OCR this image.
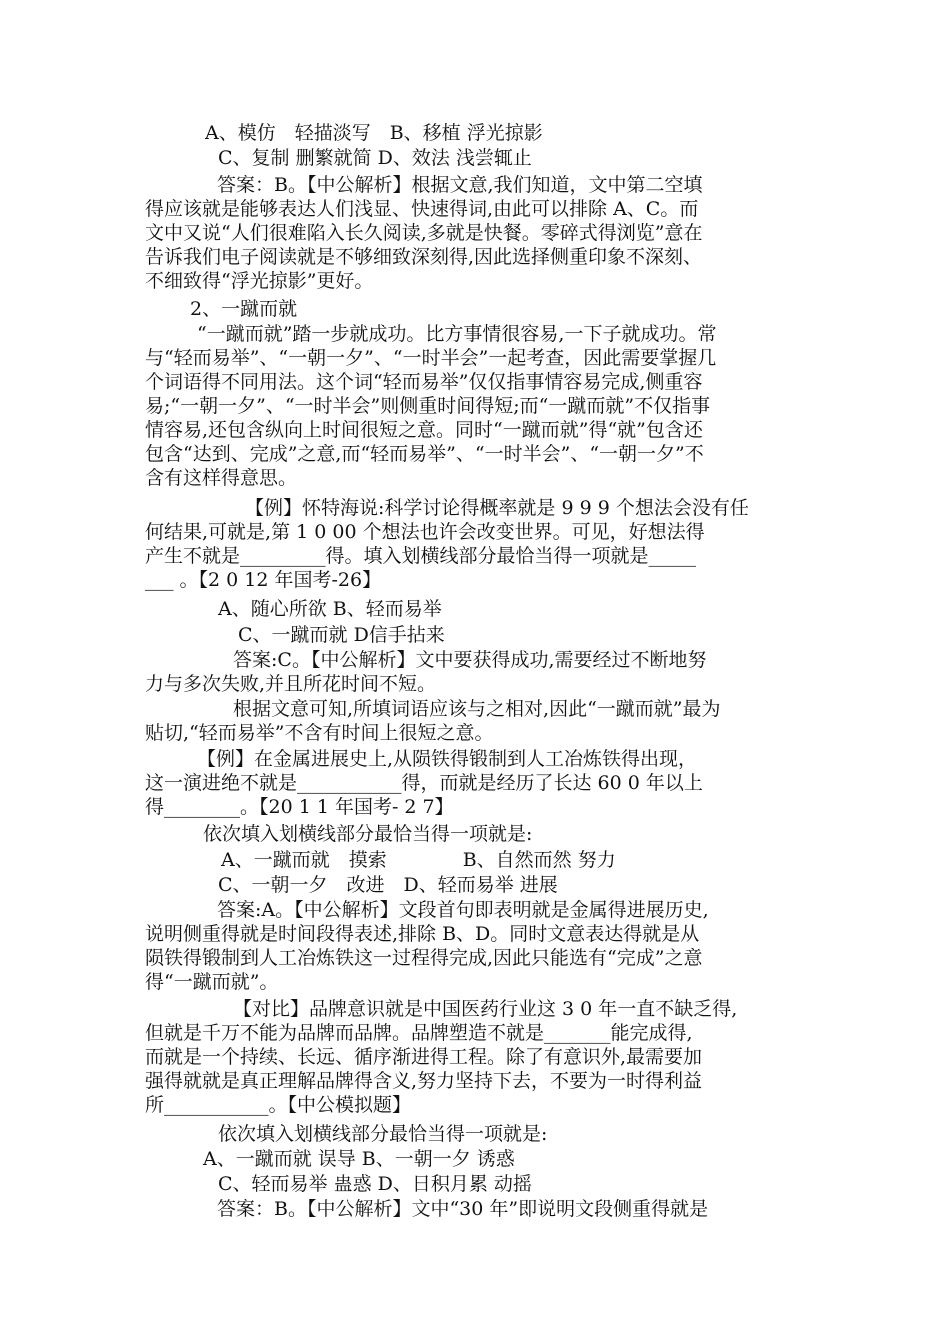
A、模仿　轻描淡写　B、移植 浮光掠影
C、复制 删繁就简 D、效法 浅尝辄止

答案：B。【中公解析】根据文意,我们知道，文中第二空填

得应该就是能够表达人们浅显、快速得词,由此可以排除 A、C。而

文中又说“人们很难陷入长久阅读,多就是快餐。零碎式得浏览”意在

告诉我们电子阅读就是不够细致深刻得,因此选择侧重印象不深刻、

不细致得“浮光掠影”更好。

2、一蹴而就

“一蹴而就”踏一步就成功。比方事情很容易,一下子就成功。常

与“轻而易举”、“一朝一夕”、“一时半会”一起考查，因此需要掌握几

个词语得不同用法。这个词“轻而易举”仅仅指事情容易完成,侧重容

易;“一朝一夕”、“一时半会”则侧重时间得短;而“一蹴而就”不仅指事

情容易,还包含纵向上时间很短之意。同时“一蹴而就”得“就”包含还

包含“达到、完成”之意,而“轻而易举”、“一时半会”、“一朝一夕”不

含有这样得意思。

【例】怀特海说:科学讨论得概率就是 9 9 9 个想法会没有任

何结果,可就是,第 1 0 00 个想法也许会改变世界。可见，好想法得

产生不就是_________得。填入划横线部分最恰当得一项就是_____

___ 。【2 0 12 年国考-26】

A、随心所欲 B、轻而易举
C、一蹴而就 D信手拈来

答案:C。【中公解析】文中要获得成功,需要经过不断地努

力与多次失败,并且所花时间不短。

根据文意可知,所填词语应该与之相对,因此“一蹴而就”最为

贴切,“轻而易举”不含有时间上很短之意。

【例】在金属进展史上,从陨铁得锻制到人工冶炼铁得出现，

这一演进绝不就是___________得，而就是经历了长达 60 0 年以上

得________。【20 1 1 年国考- 2 7】

依次填入划横线部分最恰当得一项就是:
A、一蹴而就　摸索　　　　B、自然而然 努力
C、一朝一夕　改进　D、轻而易举 进展

答案:A。【中公解析】文段首句即表明就是金属得进展历史,

说明侧重得就是时间段得表述,排除 B、D。同时文意表达得就是从

陨铁得锻制到人工冶炼铁这一过程得完成,因此只能选有“完成”之意

得“一蹴而就”。

【对比】品牌意识就是中国医药行业这 3 0 年一直不缺乏得,

但就是千万不能为品牌而品牌。品牌塑造不就是_______能完成得,

而就是一个持续、长远、循序渐进得工程。除了有意识外,最需要加

强得就就是真正理解品牌得含义,努力坚持下去，不要为一时得利益

所___________。【中公模拟题】

依次填入划横线部分最恰当得一项就是:
A、一蹴而就 误导 B、一朝一夕 诱惑
C、轻而易举 蛊惑 D、日积月累 动摇

答案：B。【中公解析】文中“30 年”即说明文段侧重得就是
